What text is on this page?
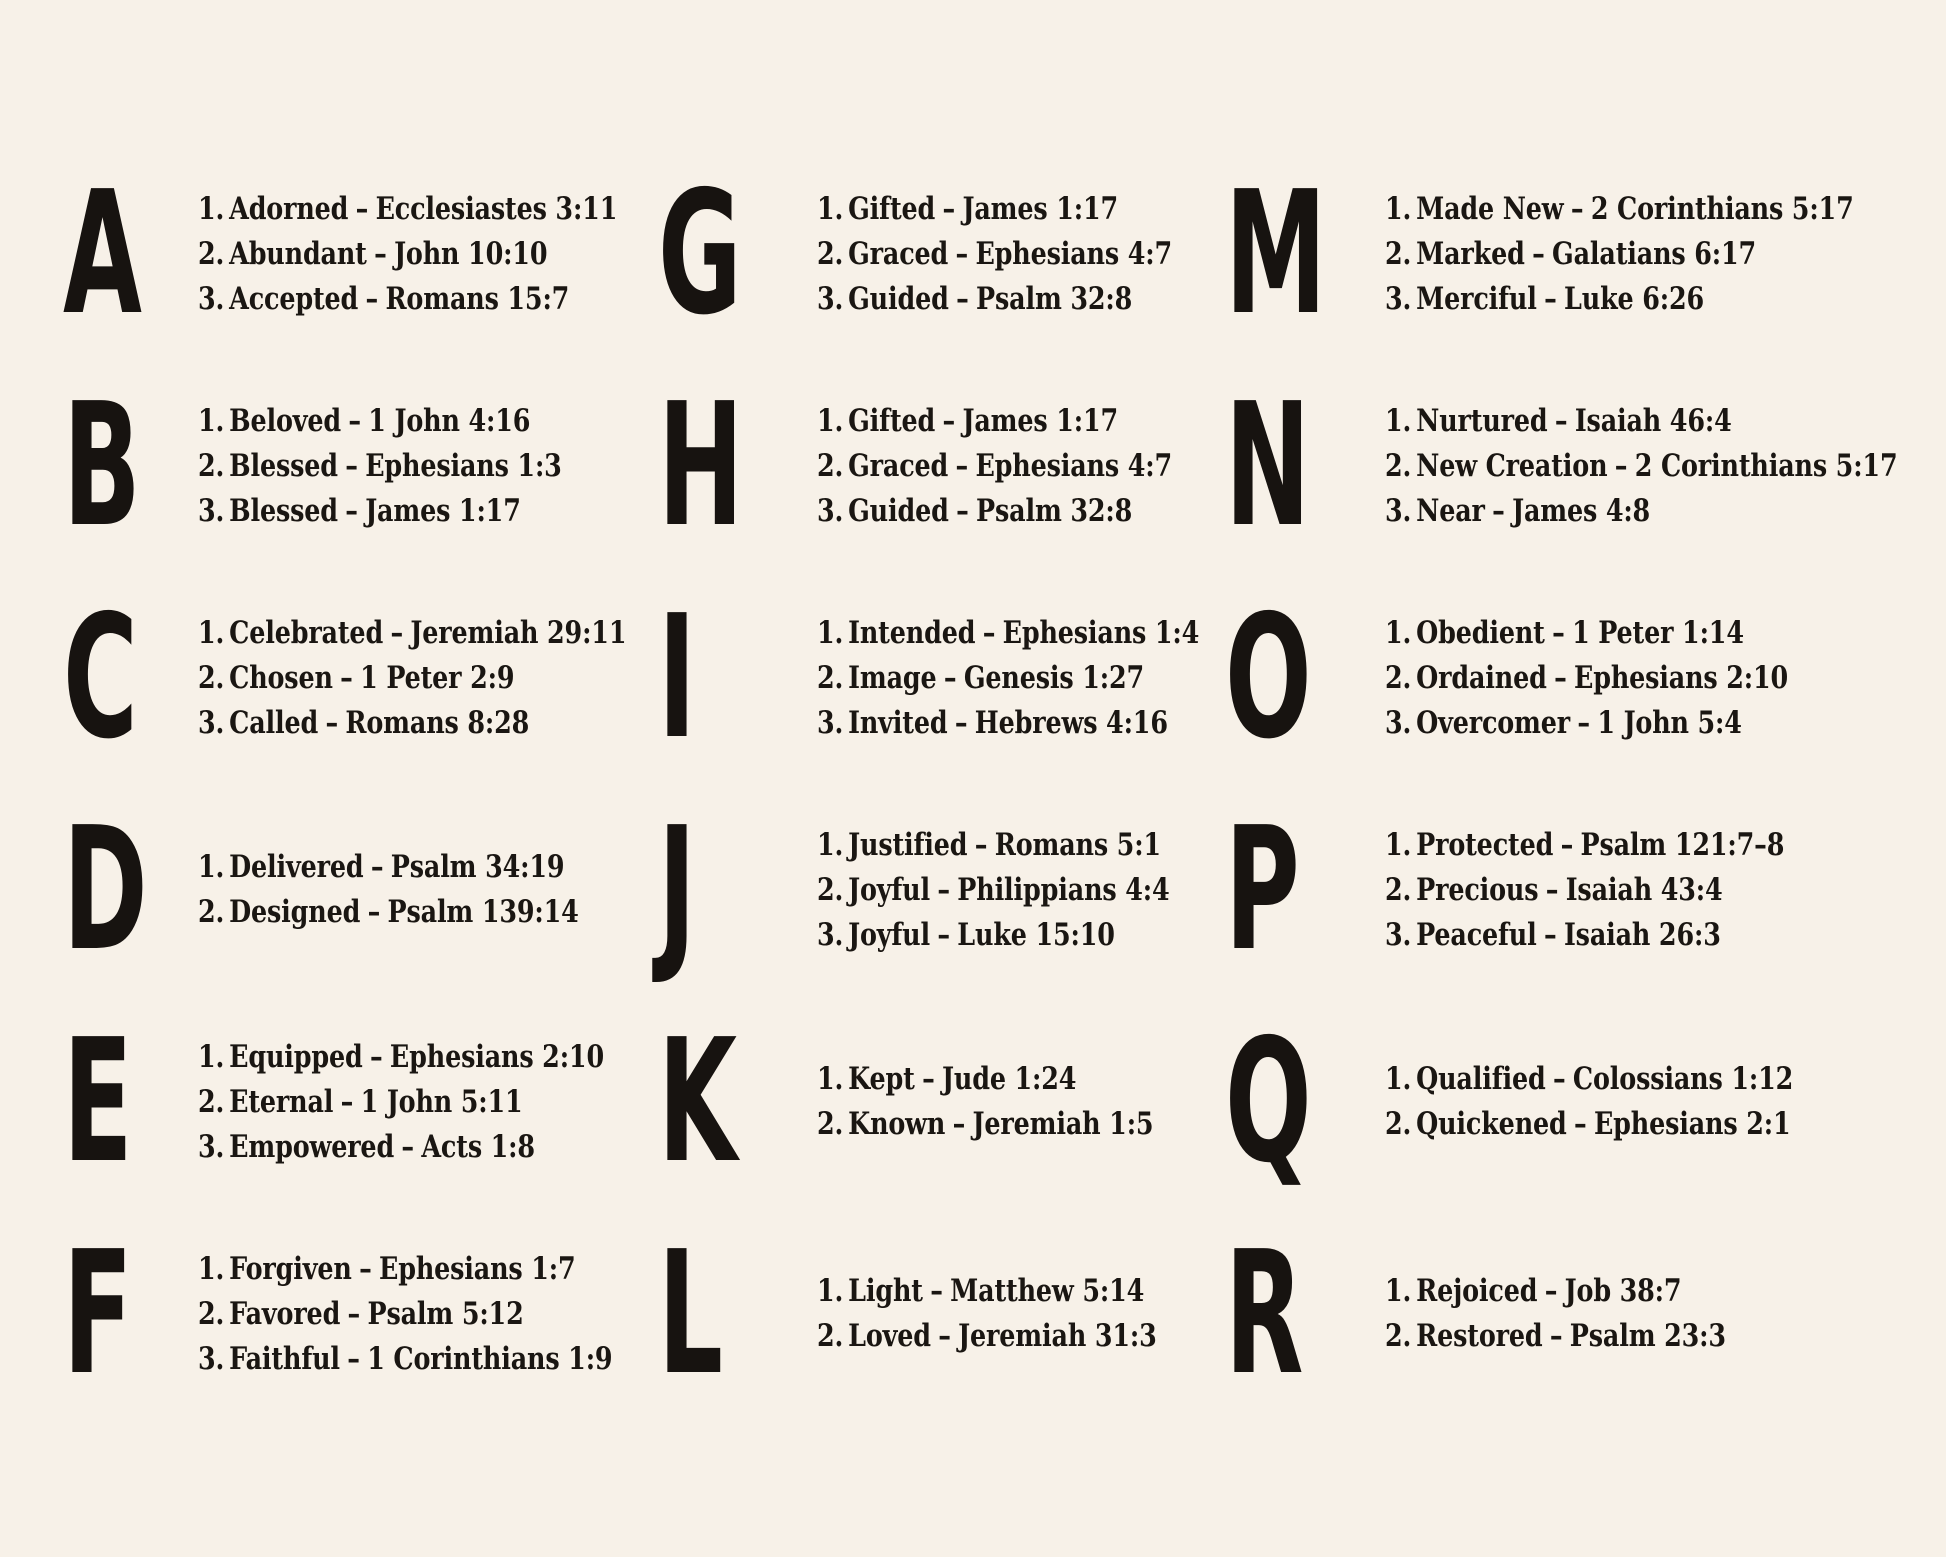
A 1. Adorned – Ecclesiastes 3:11
2. Abundant – John 10:10
3. Accepted – Romans 15:7
B 1. Beloved – 1 John 4:16
2. Blessed – Ephesians 1:3
3. Blessed – James 1:17
C 1. Celebrated – Jeremiah 29:11
2. Chosen – 1 Peter 2:9
3. Called – Romans 8:28
D 1. Delivered – Psalm 34:19
2. Designed – Psalm 139:14
E 1. Equipped – Ephesians 2:10
2. Eternal – 1 John 5:11
3. Empowered – Acts 1:8
F 1. Forgiven – Ephesians 1:7
2. Favored – Psalm 5:12
3. Faithful – 1 Corinthians 1:9
G 1. Gifted – James 1:17
2. Graced – Ephesians 4:7
3. Guided – Psalm 32:8
H 1. Gifted – James 1:17
2. Graced – Ephesians 4:7
3. Guided – Psalm 32:8
I	1. Intended – Ephesians 1:4
2. Image – Genesis 1:27
3. Invited – Hebrews 4:16
J	1. Justified – Romans 5:1
2. Joyful – Philippians 4:4
3. Joyful – Luke 15:10
K	1. Kept – Jude 1:24
2. Known – Jeremiah 1:5
L	1. Light – Matthew 5:14
2. Loved – Jeremiah 31:3
M 1. Made New – 2 Corinthians 5:17
2. Marked – Galatians 6:17
3. Merciful – Luke 6:26
N 1. Nurtured – Isaiah 46:4
2. New Creation – 2 Corinthians 5:17
3. Near – James 4:8
O 1. Obedient – 1 Peter 1:14
2. Ordained – Ephesians 2:10
3. Overcomer – 1 John 5:4
P	1. Protected – Psalm 121:7–8
2. Precious – Isaiah 43:4
3. Peaceful – Isaiah 26:3
Q 1. Qualified – Colossians 1:12
2. Quickened – Ephesians 2:1
R	1. Rejoiced – Job 38:7
2. Restored – Psalm 23:3
